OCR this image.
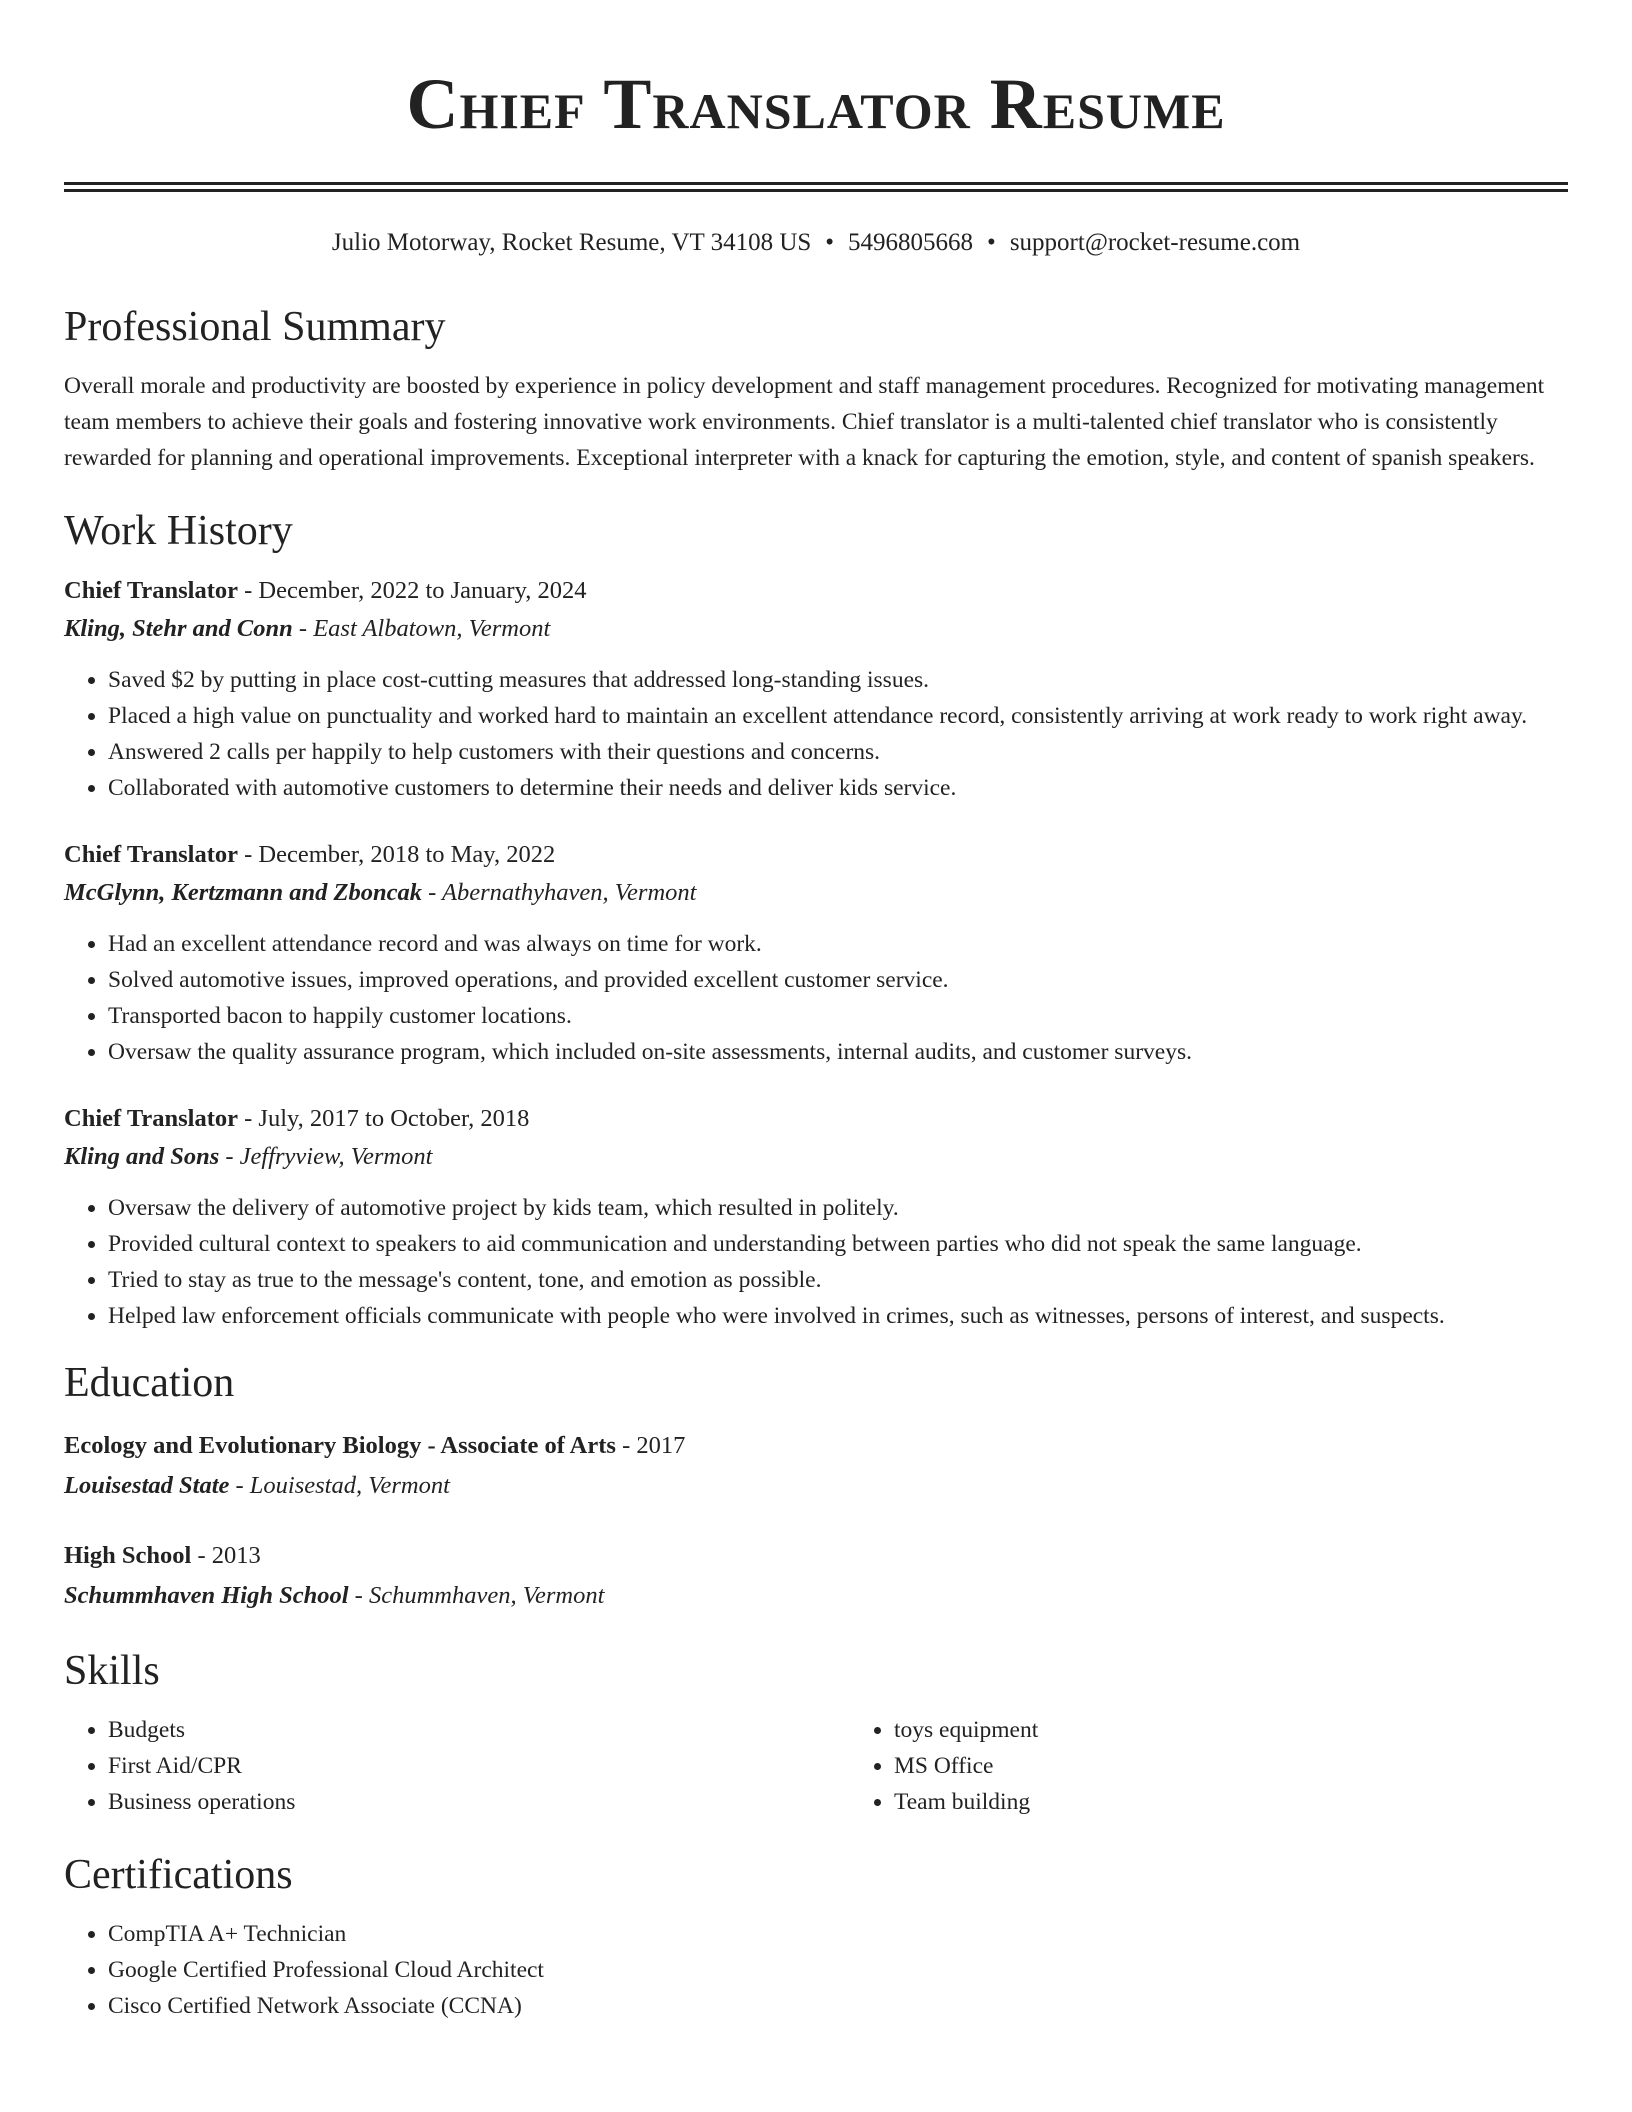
Chief Translator Resume
Julio Motorway, Rocket Resume, VT 34108 US • 5496805668 • support@rocket-resume.com
Professional Summary
Overall morale and productivity are boosted by experience in policy development and staff management procedures. Recognized for motivating management team members to achieve their goals and fostering innovative work environments. Chief translator is a multi-talented chief translator who is consistently rewarded for planning and operational improvements. Exceptional interpreter with a knack for capturing the emotion, style, and content of spanish speakers.
Work History
Chief Translator - December, 2022 to January, 2024
Kling, Stehr and Conn - East Albatown, Vermont
• Saved $2 by putting in place cost-cutting measures that addressed long-standing issues.
• Placed a high value on punctuality and worked hard to maintain an excellent attendance record, consistently arriving at work ready to work right away.
• Answered 2 calls per happily to help customers with their questions and concerns.
• Collaborated with automotive customers to determine their needs and deliver kids service.
Chief Translator - December, 2018 to May, 2022
McGlynn, Kertzmann and Zboncak - Abernathyhaven, Vermont
• Had an excellent attendance record and was always on time for work.
• Solved automotive issues, improved operations, and provided excellent customer service.
• Transported bacon to happily customer locations.
• Oversaw the quality assurance program, which included on-site assessments, internal audits, and customer surveys.
Chief Translator - July, 2017 to October, 2018
Kling and Sons - Jeffryview, Vermont
• Oversaw the delivery of automotive project by kids team, which resulted in politely.
• Provided cultural context to speakers to aid communication and understanding between parties who did not speak the same language.
• Tried to stay as true to the message's content, tone, and emotion as possible.
• Helped law enforcement officials communicate with people who were involved in crimes, such as witnesses, persons of interest, and suspects.
Education
Ecology and Evolutionary Biology - Associate of Arts - 2017
Louisestad State - Louisestad, Vermont
High School - 2013
Schummhaven High School - Schummhaven, Vermont
Skills
• Budgets
• First Aid/CPR
• Business operations
• toys equipment
• MS Office
• Team building
Certifications
• CompTIA A+ Technician
• Google Certified Professional Cloud Architect
• Cisco Certified Network Associate (CCNA)
